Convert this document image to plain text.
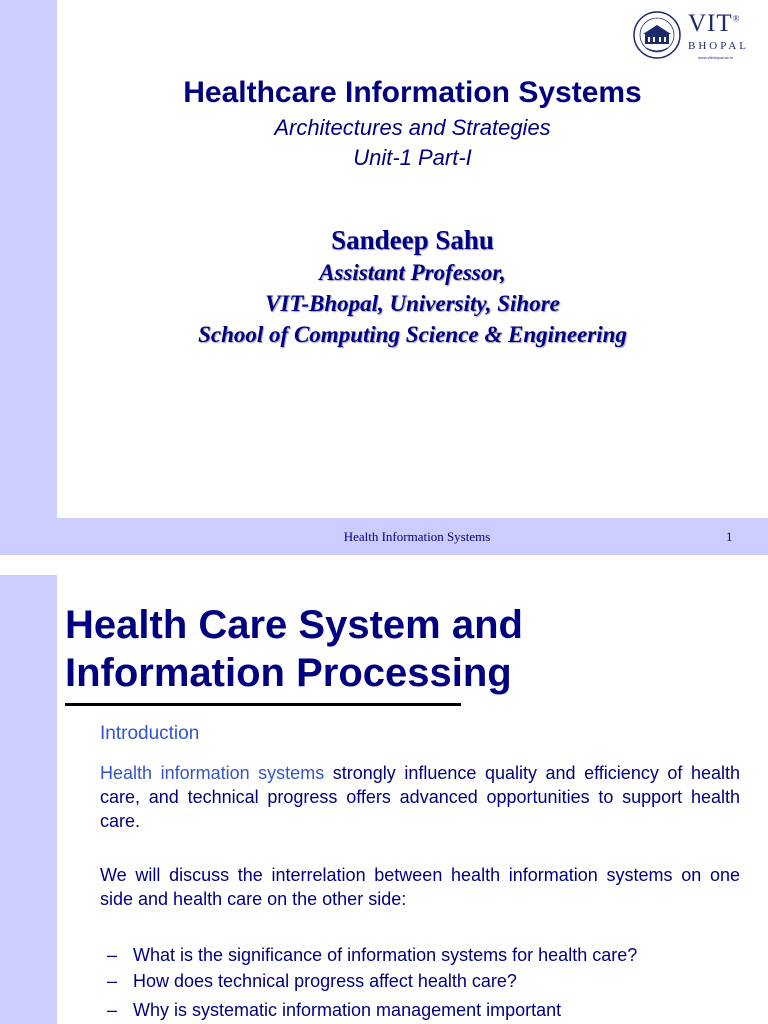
Health Information Systems	1
VIT®
BHOPAL
www.vitbhopal.ac.in
Healthcare Information Systems
Architectures and Strategies
Unit-1 Part-I
Sandeep Sahu
Assistant Professor,
VIT-Bhopal, University, Sihore
School of Computing Science & Engineering
Health Care System and
Information Processing
Introduction
Health information systems strongly influence quality and efficiency of health care, and technical progress offers advanced opportunities to support health care.
We will discuss the interrelation between health information systems on one side and health care on the other side:
– What is the significance of information systems for health care?
– How does technical progress affect health care?
– Why is systematic information management important
